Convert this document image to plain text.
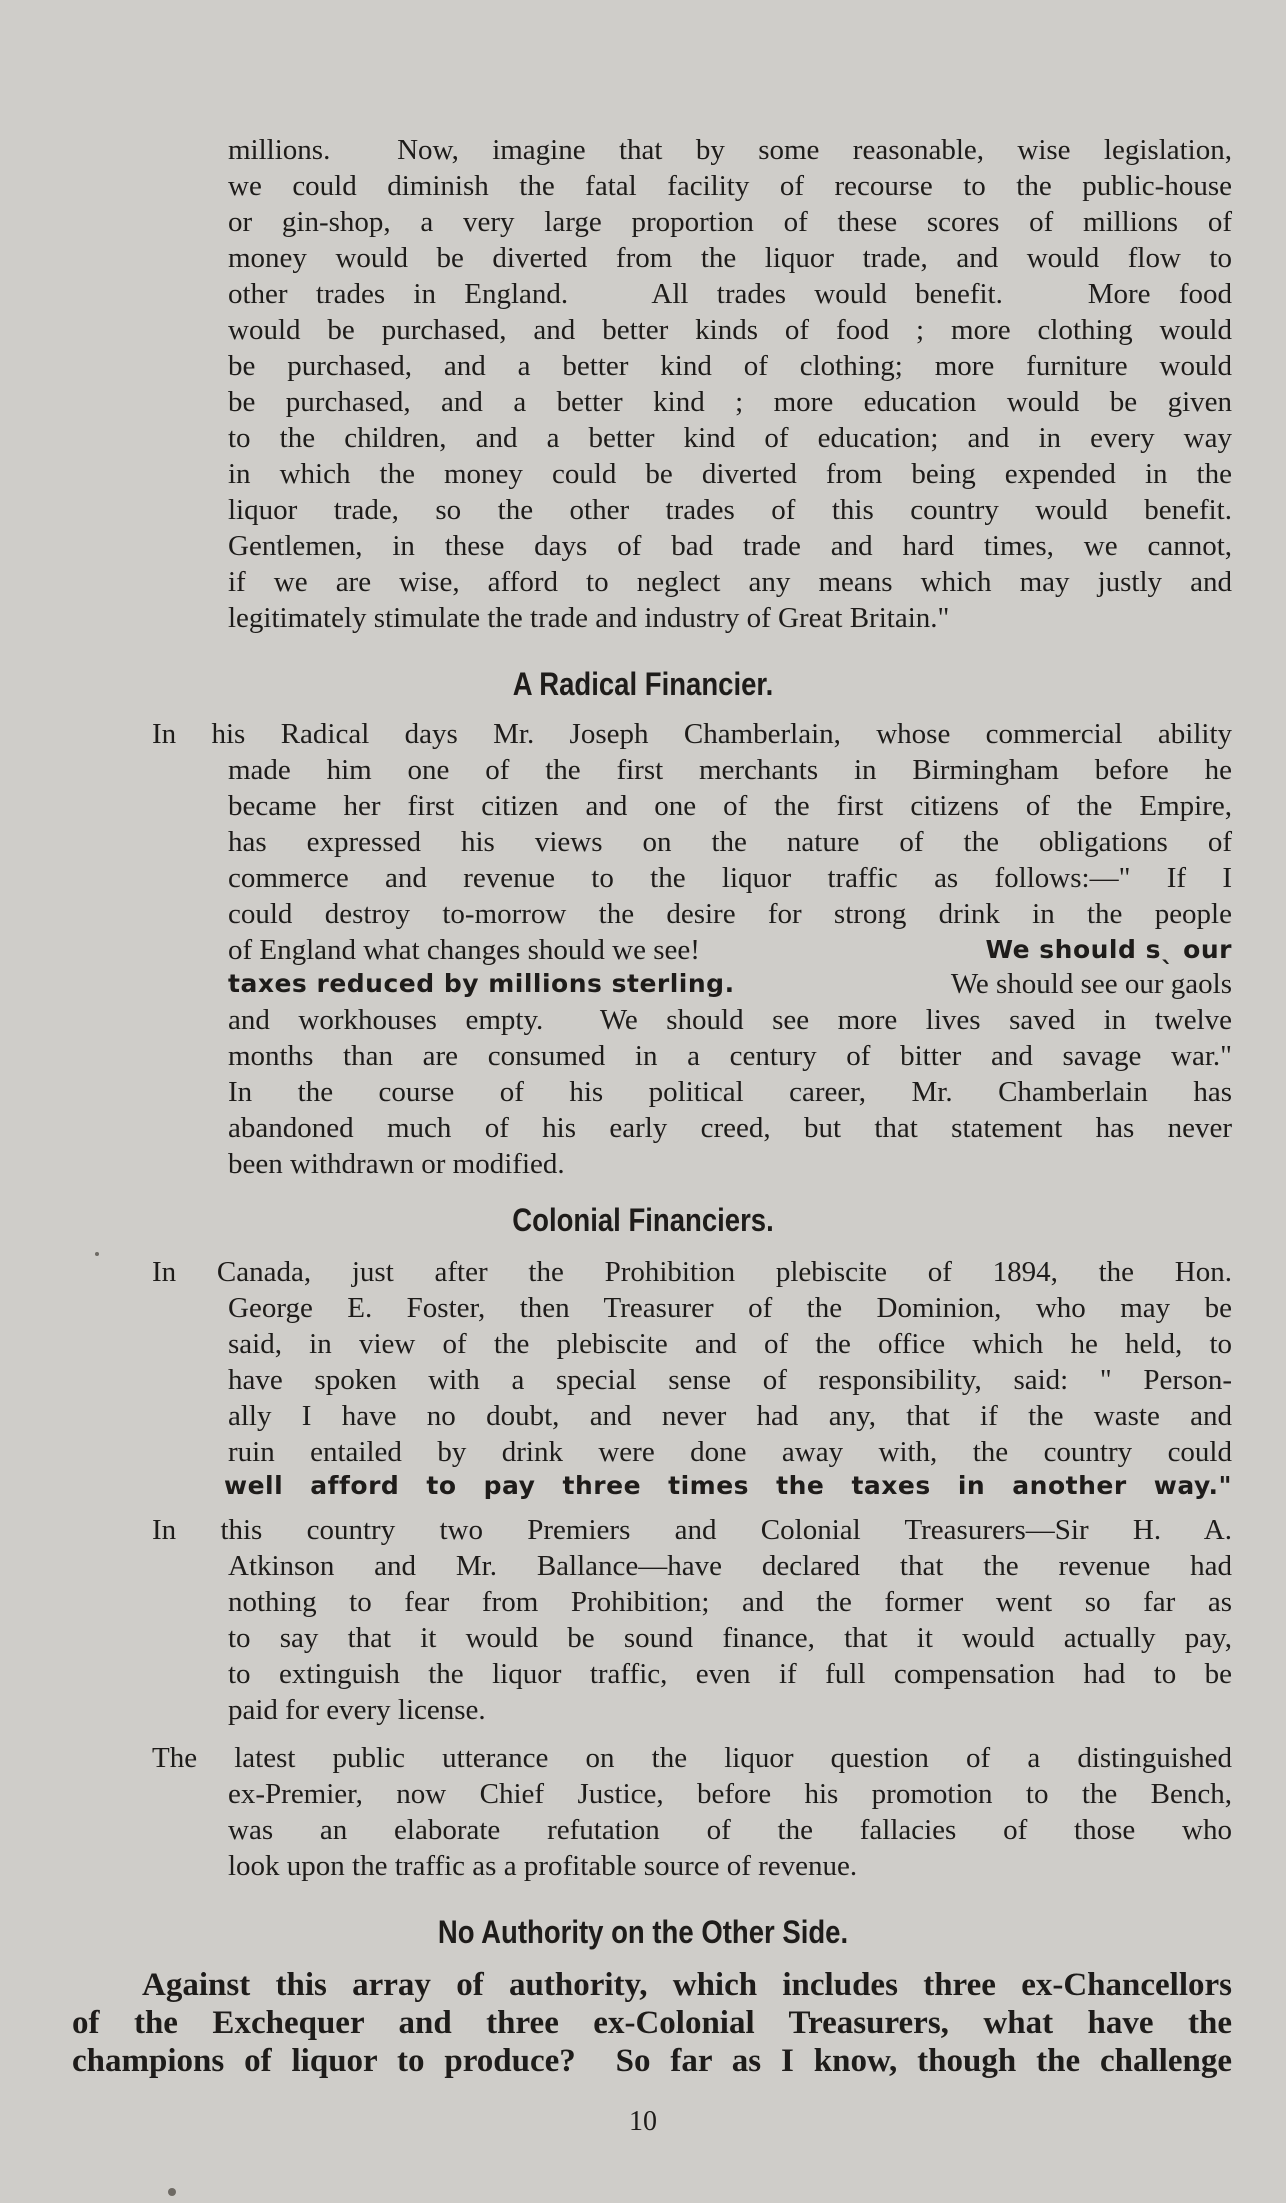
millions.  Now, imagine that by some reasonable, wise legislation,
we could diminish the fatal facility of recourse to the public-house
or gin-shop, a very large proportion of these scores of millions of
money would be diverted from the liquor trade, and would flow to
other trades in England.   All trades would benefit.   More food
would be purchased, and better kinds of food ; more clothing would
be purchased, and a better kind of clothing; more furniture would
be purchased, and a better kind ; more education would be given
to the children, and a better kind of education; and in every way
in which the money could be diverted from being expended in the
liquor trade, so the other trades of this country would benefit.
Gentlemen, in these days of bad trade and hard times, we cannot,
if we are wise, afford to neglect any means which may justly and
legitimately stimulate the trade and industry of Great Britain."
A Radical Financier.
In his Radical days Mr. Joseph Chamberlain, whose commercial ability
made him one of the first merchants in Birmingham before he
became her first citizen and one of the first citizens of the Empire,
has expressed his views on the nature of the obligations of
commerce and revenue to the liquor traffic as follows:—" If I
could destroy to-morrow the desire for strong drink in the people
of England what changes should we see!	We should sˎ our
taxes reduced by millions sterling.	We should see our gaols
and workhouses empty.  We should see more lives saved in twelve
months than are consumed in a century of bitter and savage war."
In the course of his political career, Mr. Chamberlain has
abandoned much of his early creed, but that statement has never
been withdrawn or modified.
Colonial Financiers.
In Canada, just after the Prohibition plebiscite of 1894, the Hon.
George E. Foster, then Treasurer of the Dominion, who may be
said, in view of the plebiscite and of the office which he held, to
have spoken with a special sense of responsibility, said: " Person-
ally I have no doubt, and never had any, that if the waste and
ruin entailed by drink were done away with, the country could
well afford to pay three times the taxes in another way."
In this country two Premiers and Colonial Treasurers—Sir H. A.
Atkinson and Mr. Ballance—have declared that the revenue had
nothing to fear from Prohibition; and the former went so far as
to say that it would be sound finance, that it would actually pay,
to extinguish the liquor traffic, even if full compensation had to be
paid for every license.
The latest public utterance on the liquor question of a distinguished
ex-Premier, now Chief Justice, before his promotion to the Bench,
was an elaborate refutation of the fallacies of those who
look upon the traffic as a profitable source of revenue.
No Authority on the Other Side.
Against this array of authority, which includes three ex-Chancellors
of the Exchequer and three ex-Colonial Treasurers, what have the
champions of liquor to produce?  So far as I know, though the challenge
10
